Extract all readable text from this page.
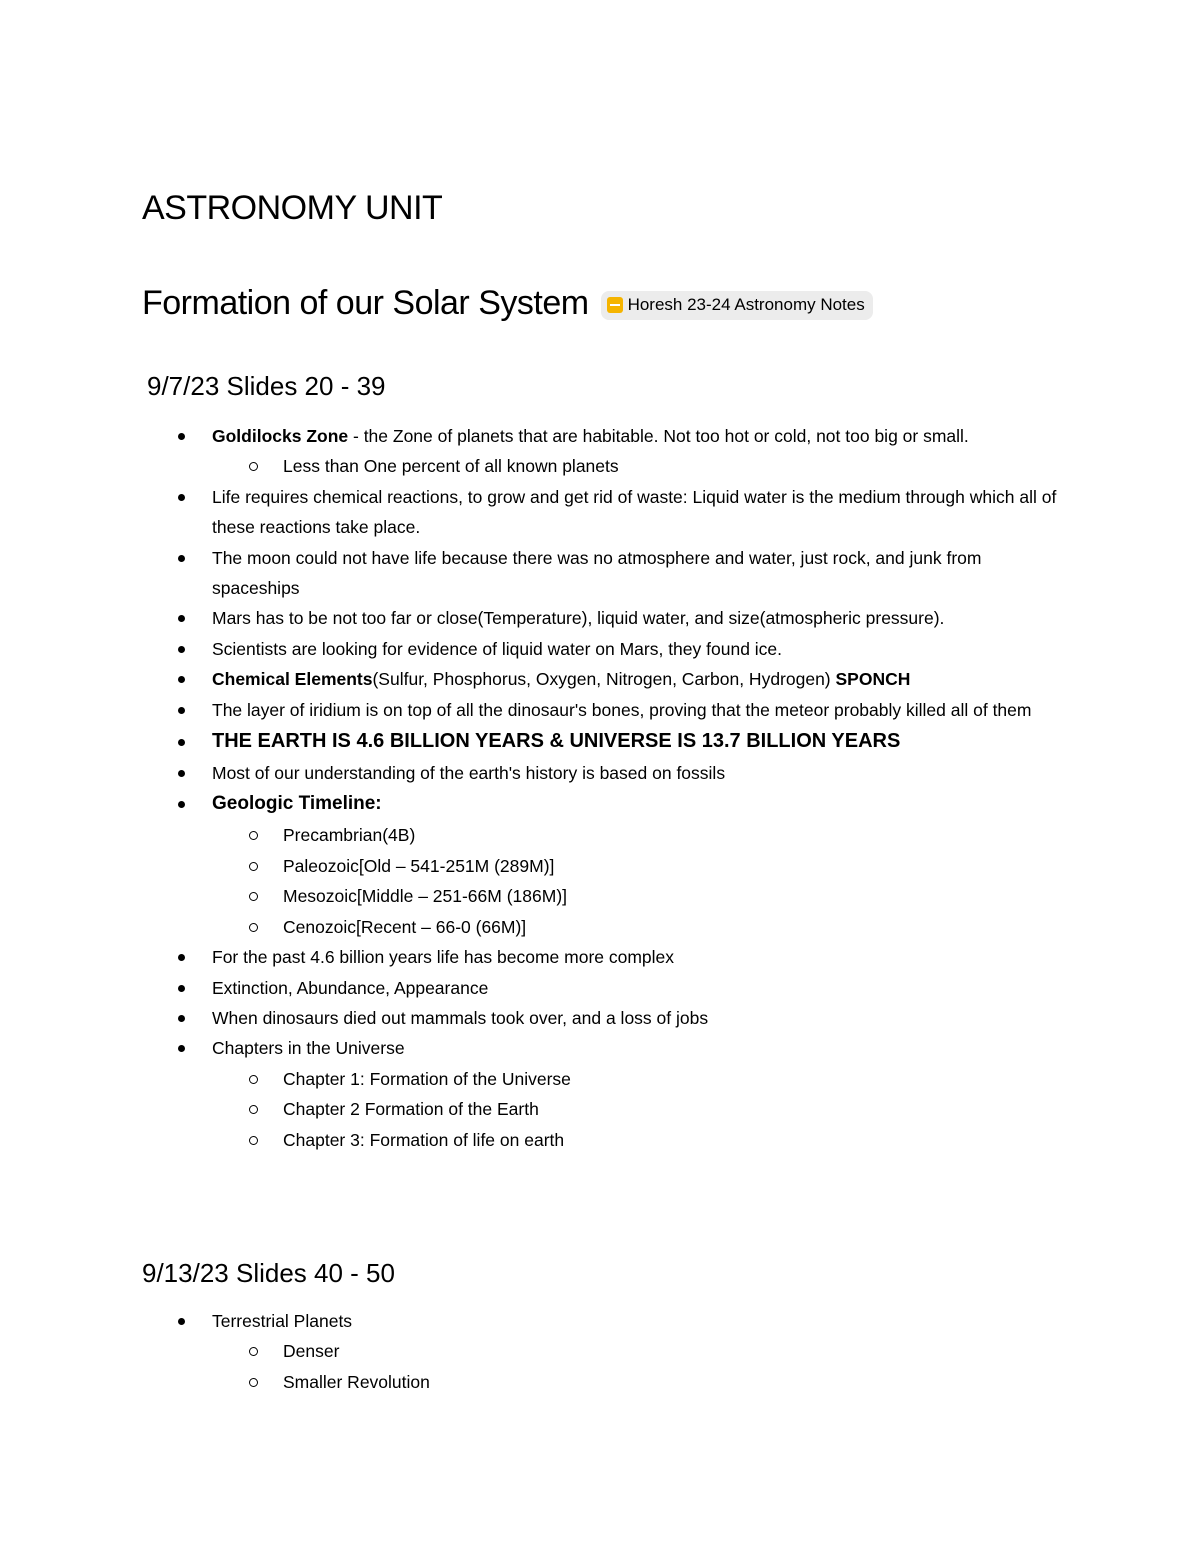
ASTRONOMY UNIT
Formation of our Solar System Horesh 23-24 Astronomy Notes
9/7/23 Slides 20 - 39
Goldilocks Zone - the Zone of planets that are habitable. Not too hot or cold, not too big or small.
Less than One percent of all known planets
Life requires chemical reactions, to grow and get rid of waste: Liquid water is the medium through which all of these reactions take place.
The moon could not have life because there was no atmosphere and water, just rock, and junk from spaceships
Mars has to be not too far or close(Temperature), liquid water, and size(atmospheric pressure).
Scientists are looking for evidence of liquid water on Mars, they found ice.
Chemical Elements(Sulfur, Phosphorus, Oxygen, Nitrogen, Carbon, Hydrogen) SPONCH
The layer of iridium is on top of all the dinosaur's bones, proving that the meteor probably killed all of them
THE EARTH IS 4.6 BILLION YEARS & UNIVERSE IS 13.7 BILLION YEARS
Most of our understanding of the earth's history is based on fossils
Geologic Timeline:
Precambrian(4B)
Paleozoic[Old – 541-251M (289M)]
Mesozoic[Middle – 251-66M (186M)]
Cenozoic[Recent – 66-0 (66M)]
For the past 4.6 billion years life has become more complex
Extinction, Abundance, Appearance
When dinosaurs died out mammals took over, and a loss of jobs
Chapters in the Universe
Chapter 1: Formation of the Universe
Chapter 2 Formation of the Earth
Chapter 3: Formation of life on earth
9/13/23 Slides 40 - 50
Terrestrial Planets
Denser
Smaller Revolution
